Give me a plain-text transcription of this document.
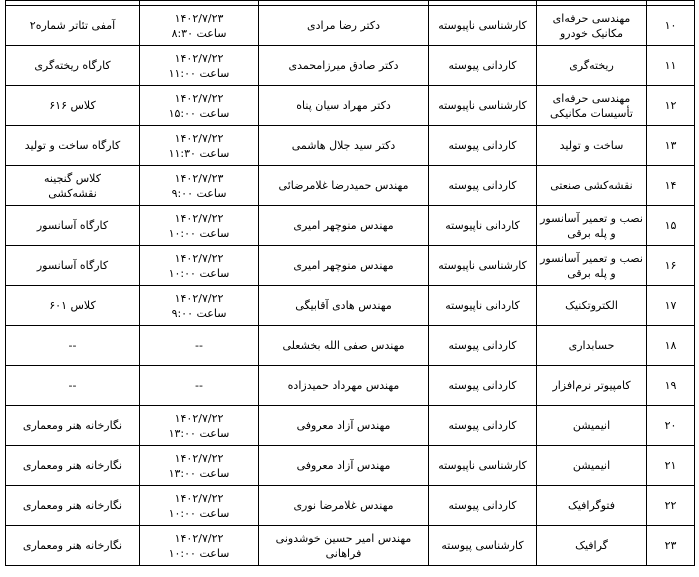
۱۰	مهندسی حرفه‌ای
مکانیک خودرو	کارشناسی ناپیوسته	دکتر رضا مرادی	۱۴۰۲/۷/۲۳
ساعت ۸:۳۰	آمفی تئاتر شماره۲

۱۱	ریخته‌گری	کاردانی پیوسته	دکتر صادق میرزامحمدی	۱۴۰۲/۷/۲۲
ساعت ۱۱:۰۰	کارگاه ریخته‌گری

۱۲	مهندسی حرفه‌ای
تأسیسات مکانیکی	کارشناسی ناپیوسته	دکتر مهراد سیان پناه	۱۴۰۲/۷/۲۲
ساعت ۱۵:۰۰	کلاس ۶۱۶

۱۳	ساخت و تولید	کاردانی پیوسته	دکتر سید جلال هاشمی	۱۴۰۲/۷/۲۲
ساعت ۱۱:۳۰	کارگاه ساخت و تولید

۱۴	نقشه‌کشی صنعتی	کاردانی پیوسته	مهندس حمیدرضا غلامرضائی	۱۴۰۲/۷/۲۳
ساعت ۹:۰۰	کلاس گنجینه
نقشه‌کشی

۱۵	نصب و تعمیر آسانسور
و پله برقی	کاردانی ناپیوسته	مهندس منوچهر امیری	۱۴۰۲/۷/۲۲
ساعت ۱۰:۰۰	کارگاه آسانسور

۱۶	نصب و تعمیر آسانسور
و پله برقی	کارشناسی ناپیوسته	مهندس منوچهر امیری	۱۴۰۲/۷/۲۲
ساعت ۱۰:۰۰	کارگاه آسانسور

۱۷	الکتروتکنیک	کاردانی ناپیوسته	مهندس هادی آقابیگی	۱۴۰۲/۷/۲۲
ساعت ۹:۰۰	کلاس ۶۰۱

۱۸	حسابداری	کاردانی پیوسته	مهندس صفی الله بخشعلی	--	--

۱۹	کامپیوتر نرم‌افزار	کاردانی پیوسته	مهندس مهرداد حمیدزاده	--	--

۲۰	انیمیشن	کاردانی پیوسته	مهندس آزاد معروفی	۱۴۰۲/۷/۲۲
ساعت ۱۳:۰۰	نگارخانه هنر ومعماری

۲۱	انیمیشن	کارشناسی ناپیوسته	مهندس آزاد معروفی	۱۴۰۲/۷/۲۲
ساعت ۱۳:۰۰	نگارخانه هنر ومعماری

۲۲	فتوگرافیک	کاردانی پیوسته	مهندس غلامرضا نوری	۱۴۰۲/۷/۲۲
ساعت ۱۰:۰۰	نگارخانه هنر ومعماری

۲۳	گرافیک	کارشناسی پیوسته	مهندس امیر حسین خوشدونی
فراهانی	۱۴۰۲/۷/۲۲
ساعت ۱۰:۰۰	نگارخانه هنر ومعماری
